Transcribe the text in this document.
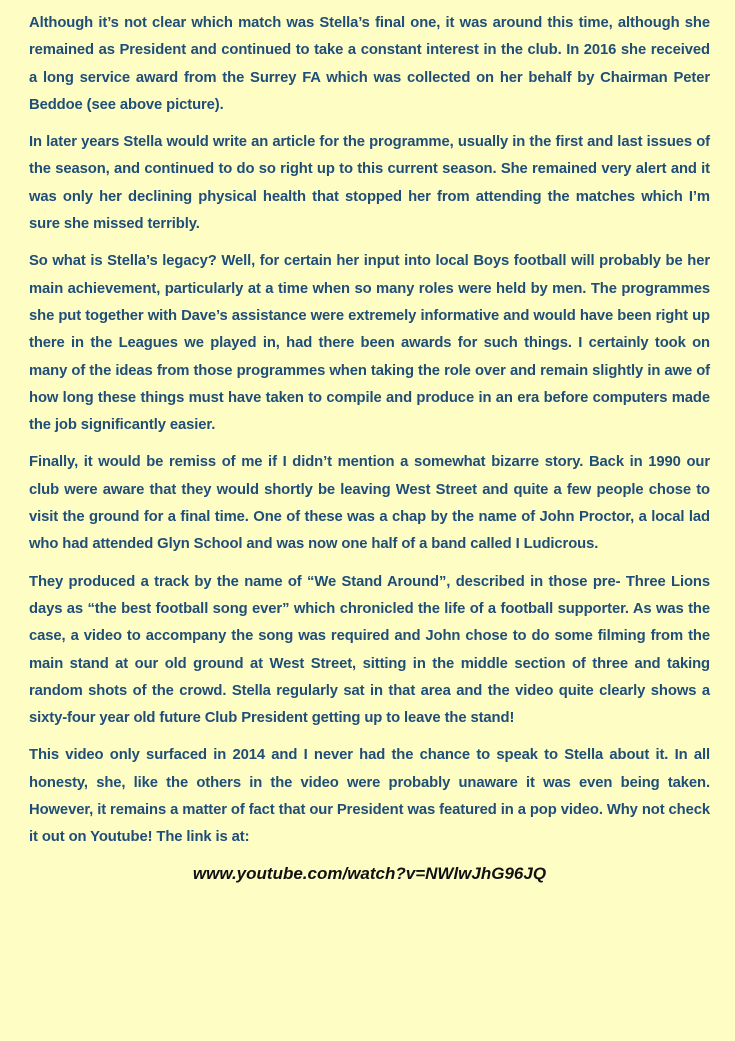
Although it’s not clear which match was Stella’s final one, it was around this time, although she remained as President and continued to take a constant interest in the club. In 2016 she received a long service award from the Surrey FA which was collected on her behalf by Chairman Peter Beddoe (see above picture).

In later years Stella would write an article for the programme, usually in the first and last issues of the season, and continued to do so right up to this current season. She remained very alert and it was only her declining physical health that stopped her from attending the matches which I’m sure she missed terribly.

So what is Stella’s legacy? Well, for certain her input into local Boys football will probably be her main achievement, particularly at a time when so many roles were held by men. The programmes she put together with Dave’s assistance were extremely informative and would have been right up there in the Leagues we played in, had there been awards for such things. I certainly took on many of the ideas from those programmes when taking the role over and remain slightly in awe of how long these things must have taken to compile and produce in an era before computers made the job significantly easier.

Finally, it would be remiss of me if I didn’t mention a somewhat bizarre story. Back in 1990 our club were aware that they would shortly be leaving West Street and quite a few people chose to visit the ground for a final time. One of these was a chap by the name of John Proctor, a local lad who had attended Glyn School and was now one half of a band called I Ludicrous.

They produced a track by the name of “We Stand Around”, described in those pre- Three Lions days as “the best football song ever” which chronicled the life of a football supporter. As was the case, a video to accompany the song was required and John chose to do some filming from the main stand at our old ground at West Street, sitting in the middle section of three and taking random shots of the crowd. Stella regularly sat in that area and the video quite clearly shows a sixty-four year old future Club President getting up to leave the stand!

This video only surfaced in 2014 and I never had the chance to speak to Stella about it. In all honesty, she, like the others in the video were probably unaware it was even being taken. However, it remains a matter of fact that our President was featured in a pop video. Why not check it out on Youtube! The link is at:

www.youtube.com/watch?v=NWlwJhG96JQ
